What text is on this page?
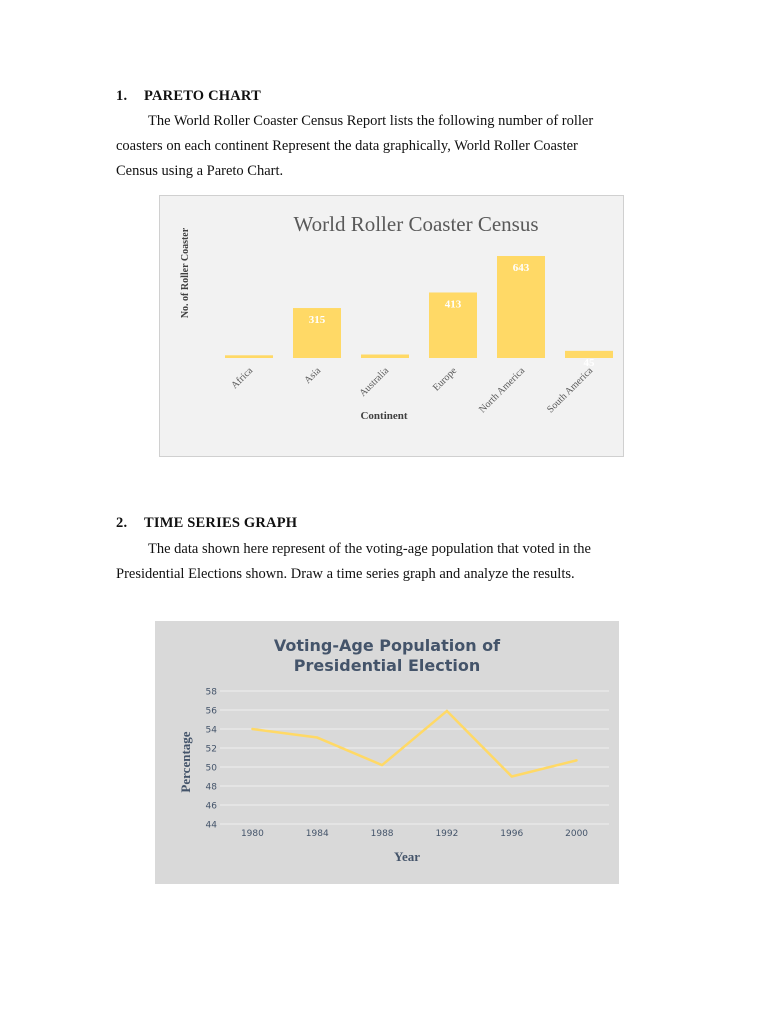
1. PARETO CHART
The World Roller Coaster Census Report lists the following number of roller
coasters on each continent Represent the data graphically, World Roller Coaster
Census using a Pareto Chart.
World Roller Coaster Census
No. of Roller Coaster
Continent
Africa
315
Asia	Australia
413
Europe
643
North America
45
South America
2. TIME SERIES GRAPH
The data shown here represent of the voting-age population that voted in the
Presidential Elections shown. Draw a time series graph and analyze the results.
Voting-Age Population of
Presidential Election
Percentage
Year
44
46
48
50
52
54
56
58
1980	1984	1988	1992	1996	2000
